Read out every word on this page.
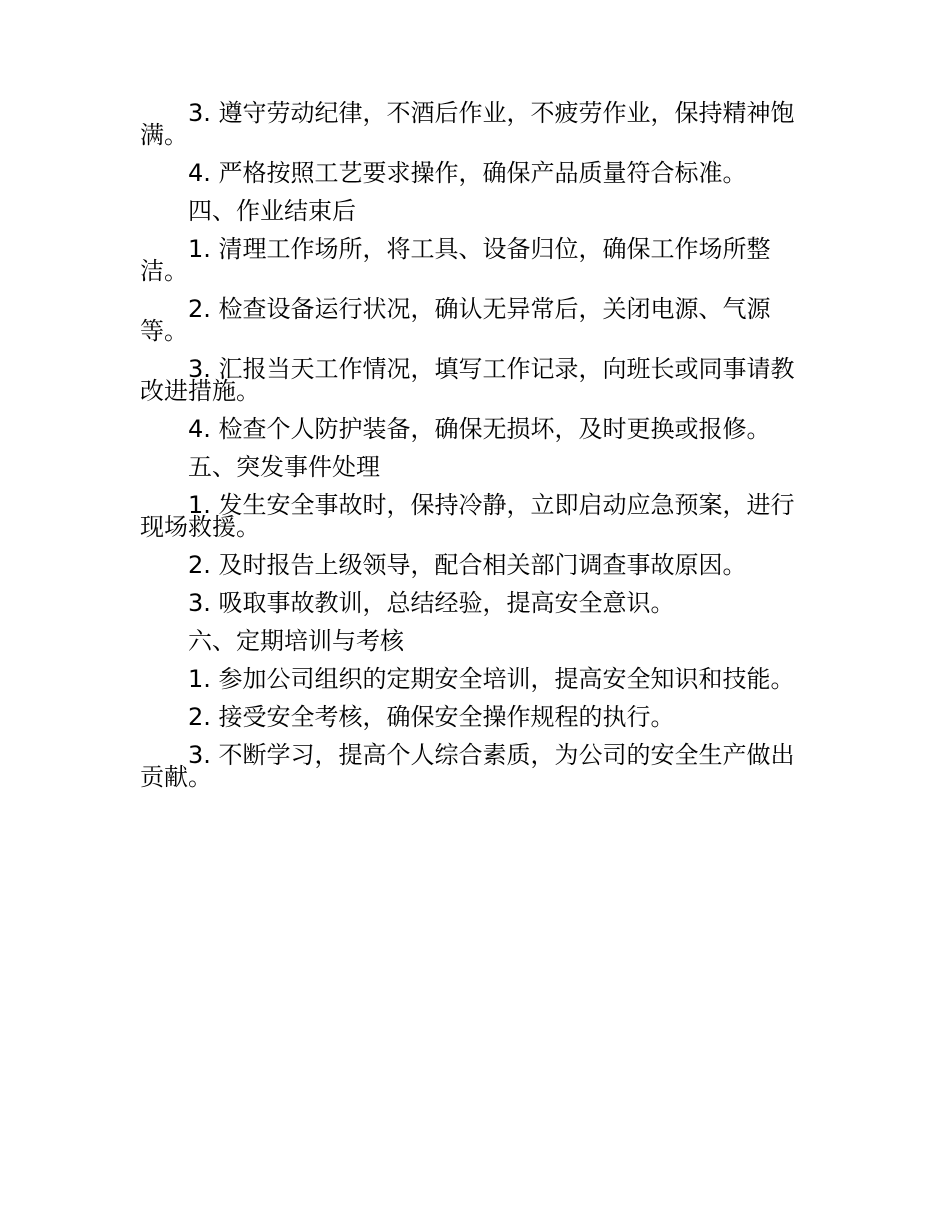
3. 遵守劳动纪律，不酒后作业，不疲劳作业，保持精神饱满。

4. 严格按照工艺要求操作，确保产品质量符合标准。

四、作业结束后

1. 清理工作场所，将工具、设备归位，确保工作场所整洁。

2. 检查设备运行状况，确认无异常后，关闭电源、气源等。

3. 汇报当天工作情况，填写工作记录，向班长或同事请教改进措施。

4. 检查个人防护装备，确保无损坏，及时更换或报修。

五、突发事件处理

1. 发生安全事故时，保持冷静，立即启动应急预案，进行现场救援。

2. 及时报告上级领导，配合相关部门调查事故原因。

3. 吸取事故教训，总结经验，提高安全意识。

六、定期培训与考核

1. 参加公司组织的定期安全培训，提高安全知识和技能。

2. 接受安全考核，确保安全操作规程的执行。

3. 不断学习，提高个人综合素质，为公司的安全生产做出贡献。
